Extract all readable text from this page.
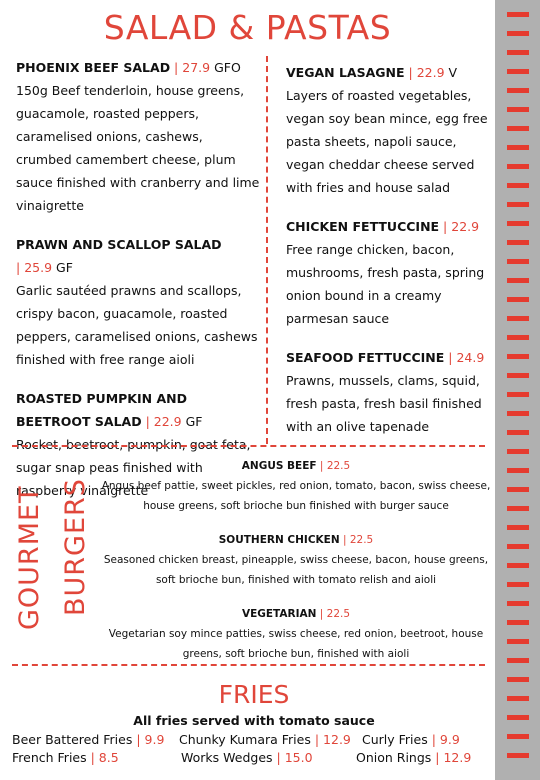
SALAD & PASTAS
PHOENIX BEEF SALAD | 27.9 GFO
150g Beef tenderloin, house greens, guacamole, roasted peppers, caramelised onions, cashews, crumbed camembert cheese, plum sauce finished with cranberry and lime vinaigrette
PRAWN AND SCALLOP SALAD
| 25.9 GF
Garlic sautéed prawns and scallops, crispy bacon, guacamole, roasted peppers, caramelised onions, cashews finished with free range aioli
ROASTED PUMPKIN AND BEETROOT SALAD | 22.9 GF
Rocket, beetroot, pumpkin, goat feta, sugar snap peas finished with raspberry vinaigrette
VEGAN LASAGNE | 22.9 V
Layers of roasted vegetables, vegan soy bean mince, egg free pasta sheets, napoli sauce, vegan cheddar cheese served with fries and house salad
CHICKEN FETTUCCINE | 22.9
Free range chicken, bacon, mushrooms, fresh pasta, spring onion bound in a creamy parmesan sauce
SEAFOOD FETTUCCINE | 24.9
Prawns, mussels, clams, squid, fresh pasta, fresh basil finished with an olive tapenade
GOURMET BURGERS
ANGUS BEEF | 22.5
Angus beef pattie, sweet pickles, red onion, tomato, bacon, swiss cheese, house greens, soft brioche bun finished with burger sauce
SOUTHERN CHICKEN | 22.5
Seasoned chicken breast, pineapple, swiss cheese, bacon, house greens, soft brioche bun, finished with tomato relish and aioli
VEGETARIAN | 22.5
Vegetarian soy mince patties, swiss cheese, red onion, beetroot, house greens, soft brioche bun, finished with aioli
FRIES
All fries served with tomato sauce
Beer Battered Fries | 9.9 Chunky Kumara Fries | 12.9 Curly Fries | 9.9
French Fries | 8.5	Works Wedges | 15.0	Onion Rings | 12.9
